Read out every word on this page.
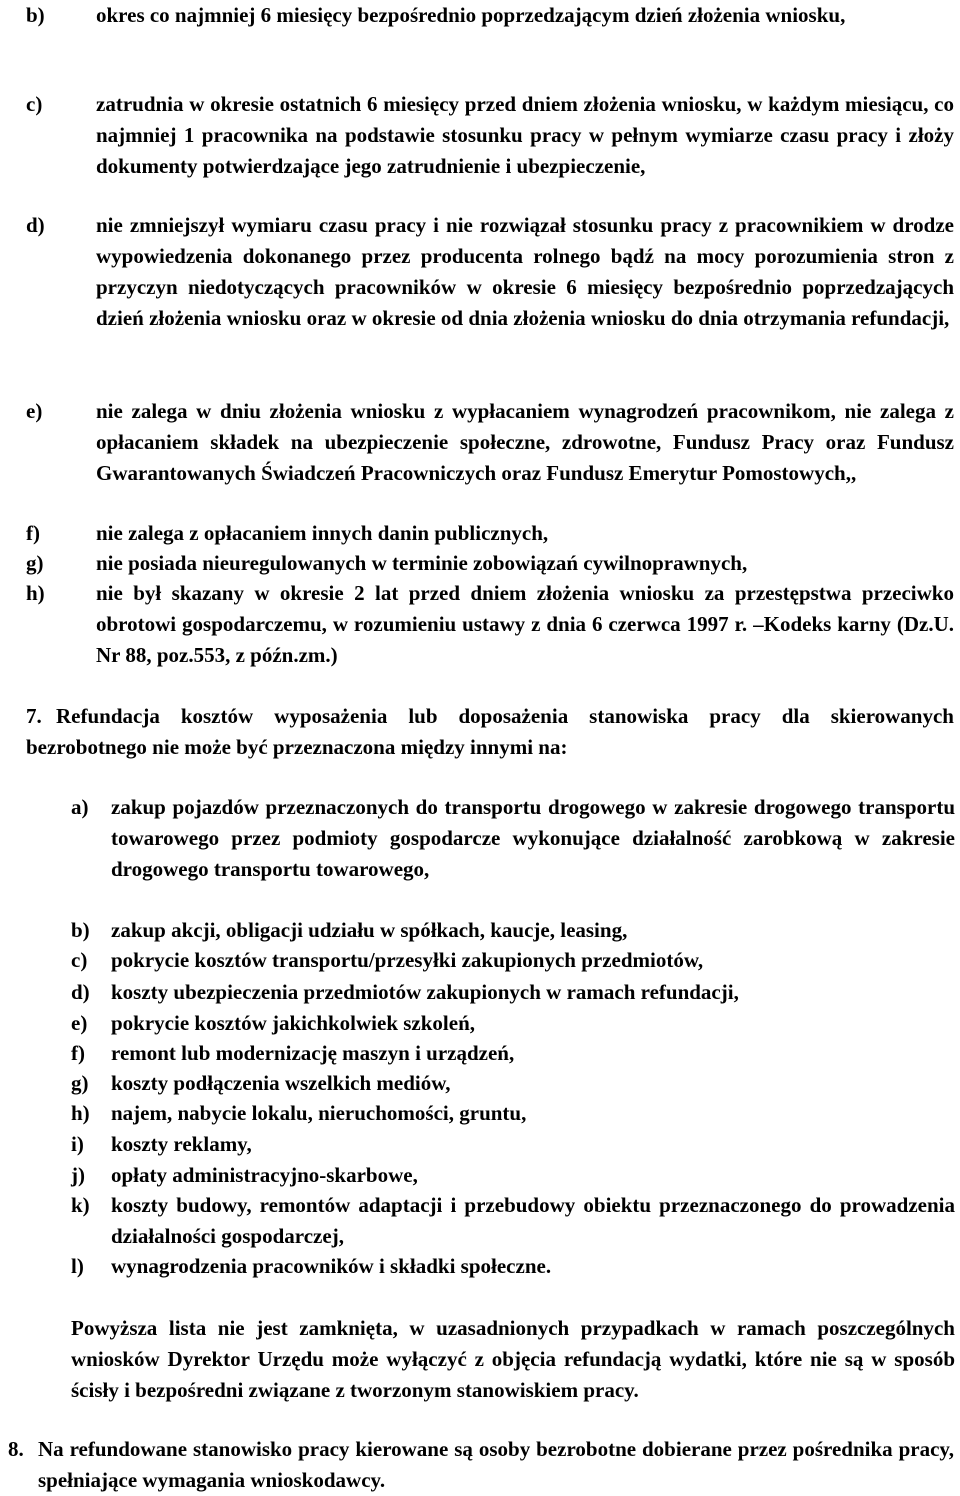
b)	okres co najmniej 6 miesięcy bezpośrednio poprzedzającym dzień złożenia wniosku,
c)	zatrudnia w okresie ostatnich 6 miesięcy przed dniem złożenia wniosku, w każdym miesiącu, co najmniej 1 pracownika na podstawie stosunku pracy w pełnym wymiarze czasu pracy i złoży dokumenty potwierdzające jego zatrudnienie i ubezpieczenie,
d)	nie zmniejszył wymiaru czasu pracy i nie rozwiązał stosunku pracy z pracownikiem w drodze wypowiedzenia dokonanego przez producenta rolnego bądź na mocy porozumienia stron z przyczyn niedotyczących pracowników w okresie 6 miesięcy bezpośrednio poprzedzających dzień złożenia wniosku oraz w okresie od dnia złożenia wniosku do dnia otrzymania refundacji,
e)	nie zalega w dniu złożenia wniosku z wypłacaniem wynagrodzeń pracownikom, nie zalega z opłacaniem składek na ubezpieczenie społeczne, zdrowotne, Fundusz Pracy oraz Fundusz Gwarantowanych Świadczeń Pracowniczych oraz Fundusz Emerytur Pomostowych,,
f)	nie zalega z opłacaniem innych danin publicznych,
g)	nie posiada nieuregulowanych w terminie zobowiązań cywilnoprawnych,
h)	nie był skazany w okresie 2 lat przed dniem złożenia wniosku za przestępstwa przeciwko obrotowi gospodarczemu, w rozumieniu ustawy z dnia 6 czerwca 1997 r. –Kodeks karny (Dz.U. Nr 88, poz.553, z późn.zm.)
7. Refundacja kosztów wyposażenia lub doposażenia stanowiska pracy dla skierowanych bezrobotnego nie może być przeznaczona między innymi na:
a)	zakup pojazdów przeznaczonych do transportu drogowego w zakresie drogowego transportu towarowego przez podmioty gospodarcze wykonujące działalność zarobkową w zakresie drogowego transportu towarowego,
b)	zakup akcji, obligacji udziału w spółkach, kaucje, leasing,
c)	pokrycie kosztów transportu/przesyłki zakupionych przedmiotów,
d)	koszty ubezpieczenia przedmiotów zakupionych w ramach refundacji,
e)	pokrycie kosztów jakichkolwiek szkoleń,
f)	remont lub modernizację maszyn i urządzeń,
g)	koszty podłączenia wszelkich mediów,
h)	najem, nabycie lokalu, nieruchomości, gruntu,
i)	koszty reklamy,
j)	opłaty administracyjno-skarbowe,
k)	koszty budowy, remontów adaptacji i przebudowy obiektu przeznaczonego do prowadzenia działalności gospodarczej,
l)	wynagrodzenia pracowników i składki społeczne.
Powyższa lista nie jest zamknięta, w uzasadnionych przypadkach w ramach poszczególnych wniosków Dyrektor Urzędu może wyłączyć z objęcia refundacją wydatki, które nie są w sposób ścisły i bezpośredni związane z tworzonym stanowiskiem pracy.
8. Na refundowane stanowisko pracy kierowane są osoby bezrobotne dobierane przez pośrednika pracy, spełniające wymagania wnioskodawcy.
